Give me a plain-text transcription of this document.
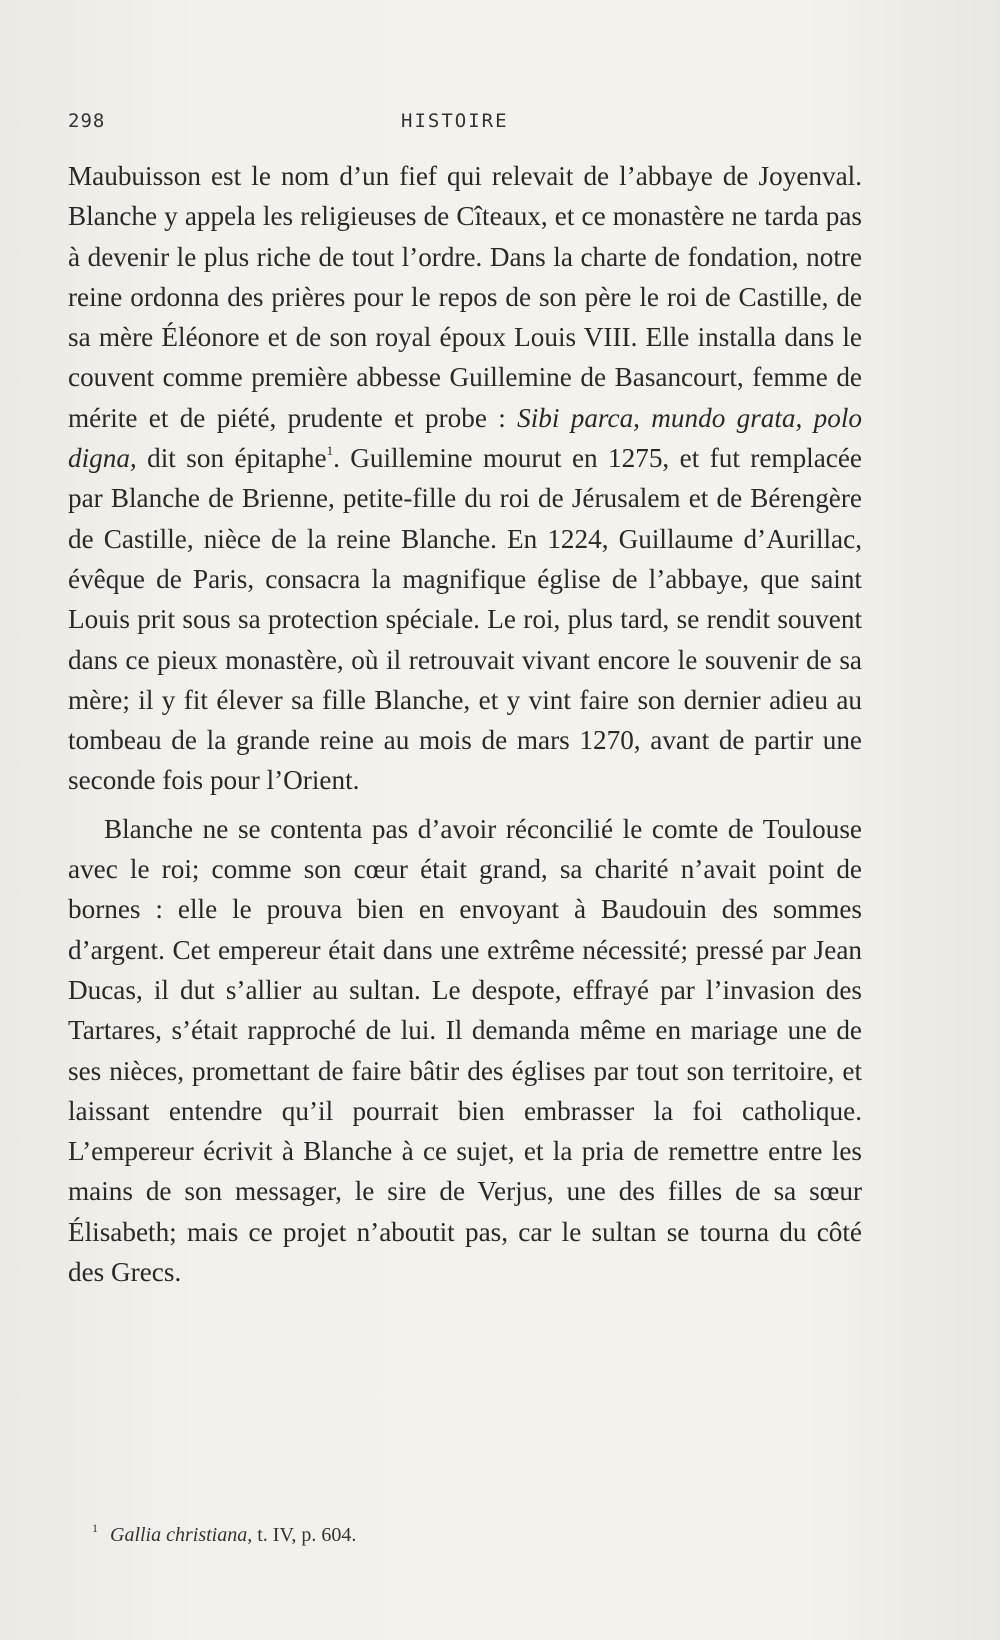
298	HISTOIRE

Maubuisson est le nom d’un fief qui relevait de l’abbaye de Joyenval. Blanche y appela les religieuses de Cîteaux, et ce monastère ne tarda pas à devenir le plus riche de tout l’ordre. Dans la charte de fondation, notre reine ordonna des prières pour le repos de son père le roi de Castille, de sa mère Éléonore et de son royal époux Louis VIII. Elle installa dans le couvent comme première abbesse Guillemine de Basancourt, femme de mérite et de piété, prudente et probe : Sibi parca, mundo grata, polo digna, dit son épitaphe$^1$. Guillemine mourut en 1275, et fut remplacée par Blanche de Brienne, petite-fille du roi de Jérusalem et de Bérengère de Castille, nièce de la reine Blanche. En 1224, Guillaume d’Aurillac, évêque de Paris, consacra la magnifique église de l’abbaye, que saint Louis prit sous sa protection spéciale. Le roi, plus tard, se rendit souvent dans ce pieux monastère, où il retrouvait vivant encore le souvenir de sa mère; il y fit élever sa fille Blanche, et y vint faire son dernier adieu au tombeau de la grande reine au mois de mars 1270, avant de partir une seconde fois pour l’Orient.

Blanche ne se contenta pas d’avoir réconcilié le comte de Toulouse avec le roi; comme son cœur était grand, sa charité n’avait point de bornes : elle le prouva bien en envoyant à Baudouin des sommes d’argent. Cet empereur était dans une extrême nécessité; pressé par Jean Ducas, il dut s’allier au sultan. Le despote, effrayé par l’invasion des Tartares, s’était rapproché de lui. Il demanda même en mariage une de ses nièces, promettant de faire bâtir des églises par tout son territoire, et laissant entendre qu’il pourrait bien embrasser la foi catholique. L’empereur écrivit à Blanche à ce sujet, et la pria de remettre entre les mains de son messager, le sire de Verjus, une des filles de sa sœur Élisabeth; mais ce projet n’aboutit pas, car le sultan se tourna du côté des Grecs.

$^1$ Gallia christiana, t. IV, p. 604.
